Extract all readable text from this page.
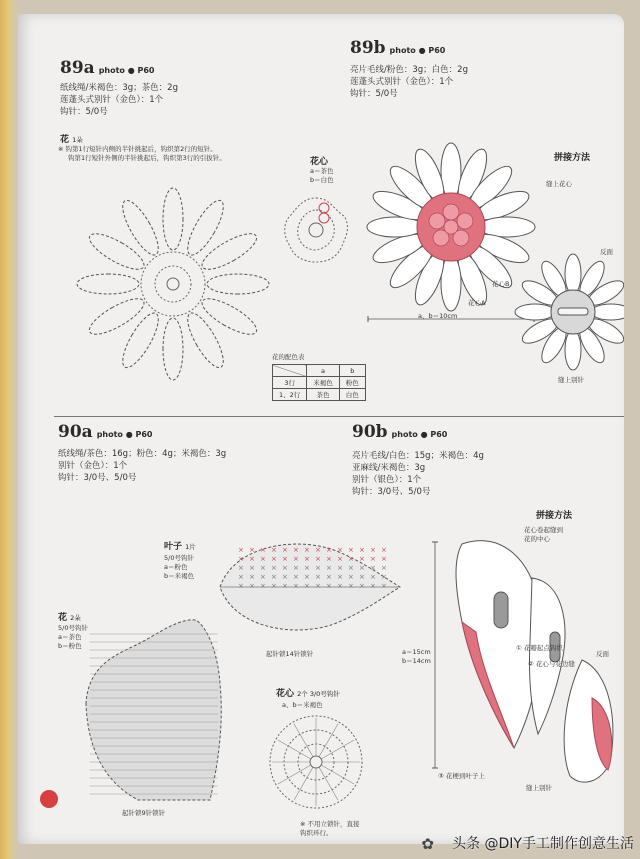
89a photo ● P60
纸线绳/米褐色：3g；茶色：2g
莲蓬头式别针（金色）：1个
钩针：5/0号
花 1朵
※ 钩第1行短针内侧的半针挑起后，钩织第2行的短针。
钩第1行短针外侧的半针挑起后，钩织第3行的引拔针。
花的配色表
	a	b
3行	米褐色	粉色
1、2行	茶色	白色
89b photo ● P60
亮片毛线/粉色：3g；白色：2g
莲蓬头式别针（金色）：1个
钩针：5/0号
花心
a＝茶色
b＝白色
拼接方法
缝上花心
花心B
花心A
a、b＝10cm
反面
缝上别针
90a photo ● P60
纸线绳/茶色：16g；粉色：4g；米褐色：3g
别针（金色）：1个
钩针：3/0号、5/0号
叶子 1片
5/0号钩针
a＝粉色
b＝米褐色
× × × × × × × × × × × × × ×
× × × × × × × × × × × × × ×
× × × × × × × × × × × × × ×
× × × × × × × × × × × × × ×
× × × × × × × × × × × × × ×
起针锁14针锁针
花 2朵
5/0号钩针
a＝茶色
b＝粉色
起针锁9针锁针
花心 2个 3/0号钩针
a、b＝米褐色
※ 不用立锁针，直接
钩织环行。
90b photo ● P60
亮片毛线/白色：15g；米褐色：4g
亚麻线/米褐色：3g
别针（银色）：1个
钩针：3/0号、5/0号
拼接方法
花心卷起缝到
花的中心
a＝15cm
b＝14cm
① 花瓣起点钩织
② 花心与花边缝
③ 花梗到叶子上
缝上别针
反面
✿ 头条 @DIY手工制作创意生活
